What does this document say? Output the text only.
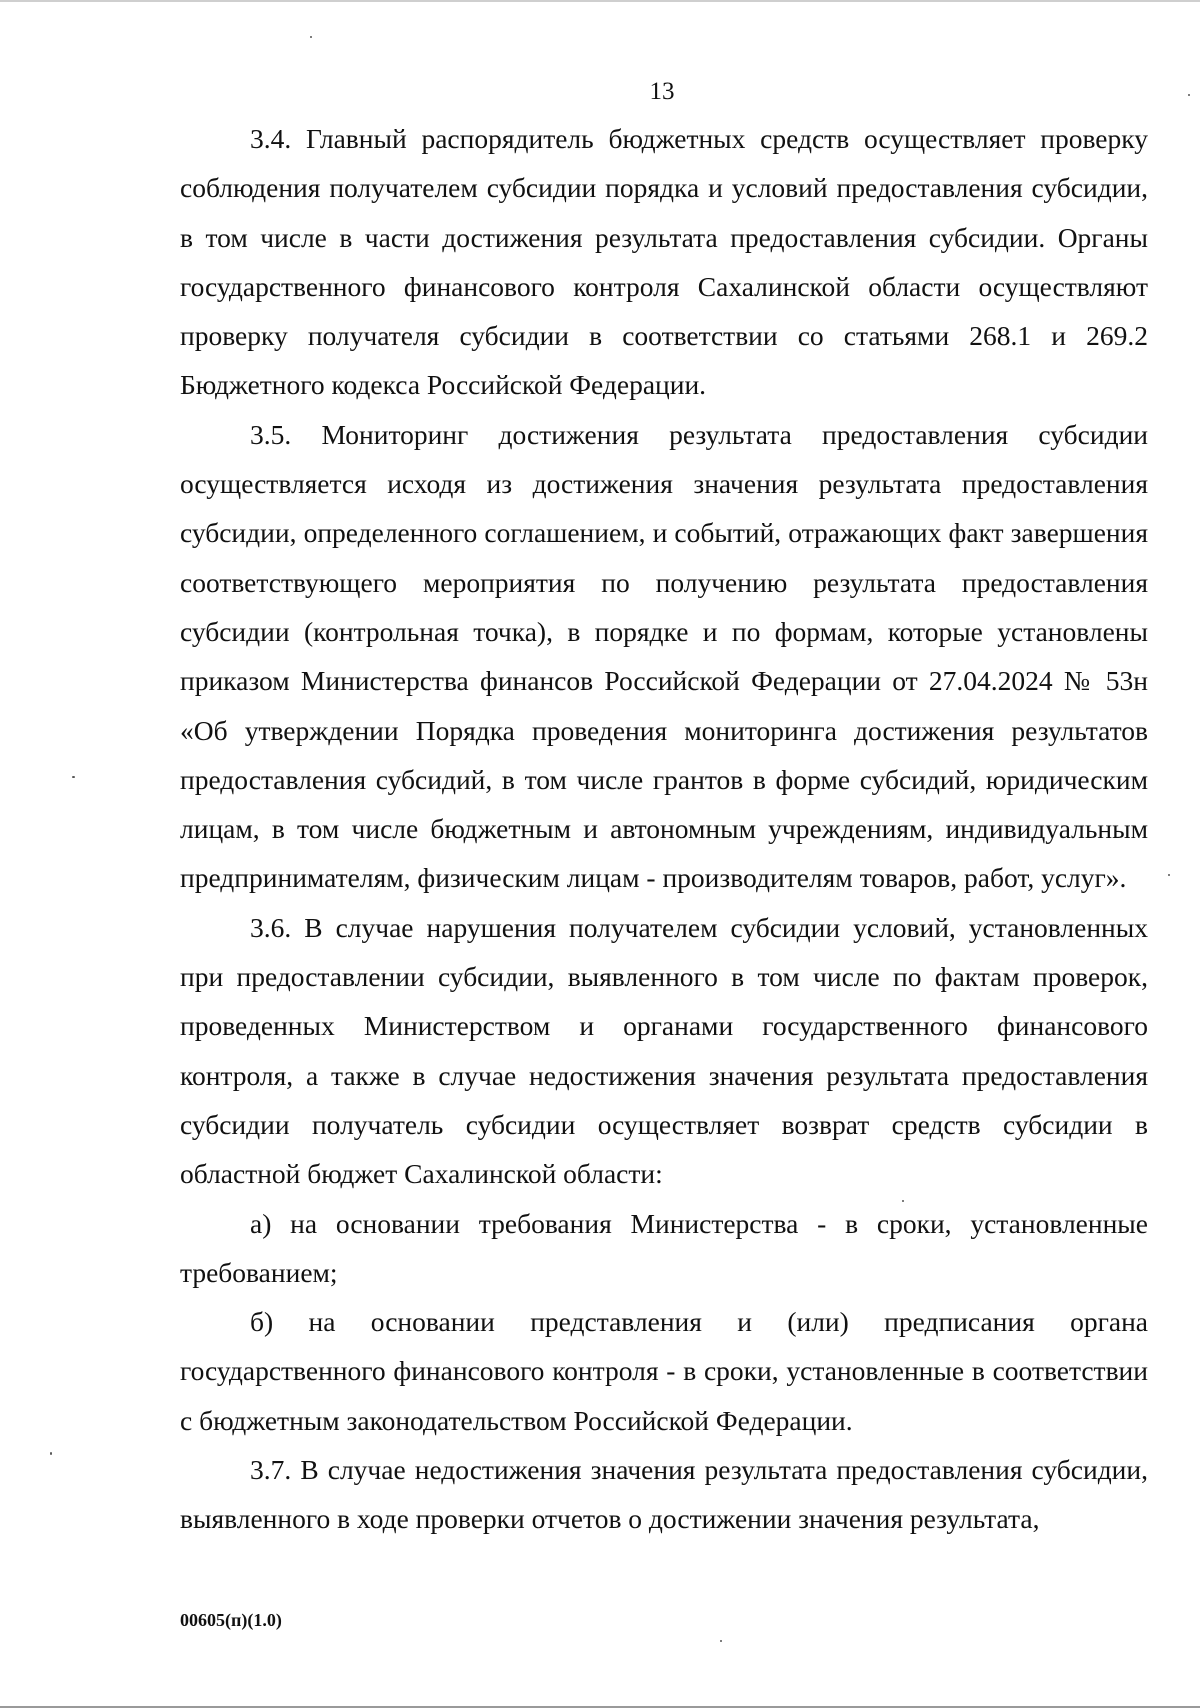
13

3.4. Главный распорядитель бюджетных средств осуществляет проверку соблюдения получателем субсидии порядка и условий предоставления субсидии, в том числе в части достижения результата предоставления субсидии. Органы государственного финансового контроля Сахалинской области осуществляют проверку получателя субсидии в соответствии со статьями 268.1 и 269.2 Бюджетного кодекса Российской Федерации.

3.5. Мониторинг достижения результата предоставления субсидии осуществляется исходя из достижения значения результата предоставления субсидии, определенного соглашением, и событий, отражающих факт завершения соответствующего мероприятия по получению результата предоставления субсидии (контрольная точка), в порядке и по формам, которые установлены приказом Министерства финансов Российской Федерации от 27.04.2024 № 53н «Об утверждении Порядка проведения мониторинга достижения результатов предоставления субсидий, в том числе грантов в форме субсидий, юридическим лицам, в том числе бюджетным и автономным учреждениям, индивидуальным предпринимателям, физическим лицам - производителям товаров, работ, услуг».

3.6. В случае нарушения получателем субсидии условий, установленных при предоставлении субсидии, выявленного в том числе по фактам проверок, проведенных Министерством и органами государственного финансового контроля, а также в случае недостижения значения результата предоставления субсидии получатель субсидии осуществляет возврат средств субсидии в областной бюджет Сахалинской области:

а) на основании требования Министерства - в сроки, установленные требованием;

б) на основании представления и (или) предписания органа государственного финансового контроля - в сроки, установленные в соответствии с бюджетным законодательством Российской Федерации.

3.7. В случае недостижения значения результата предоставления субсидии, выявленного в ходе проверки отчетов о достижении значения результата,

00605(п)(1.0)
